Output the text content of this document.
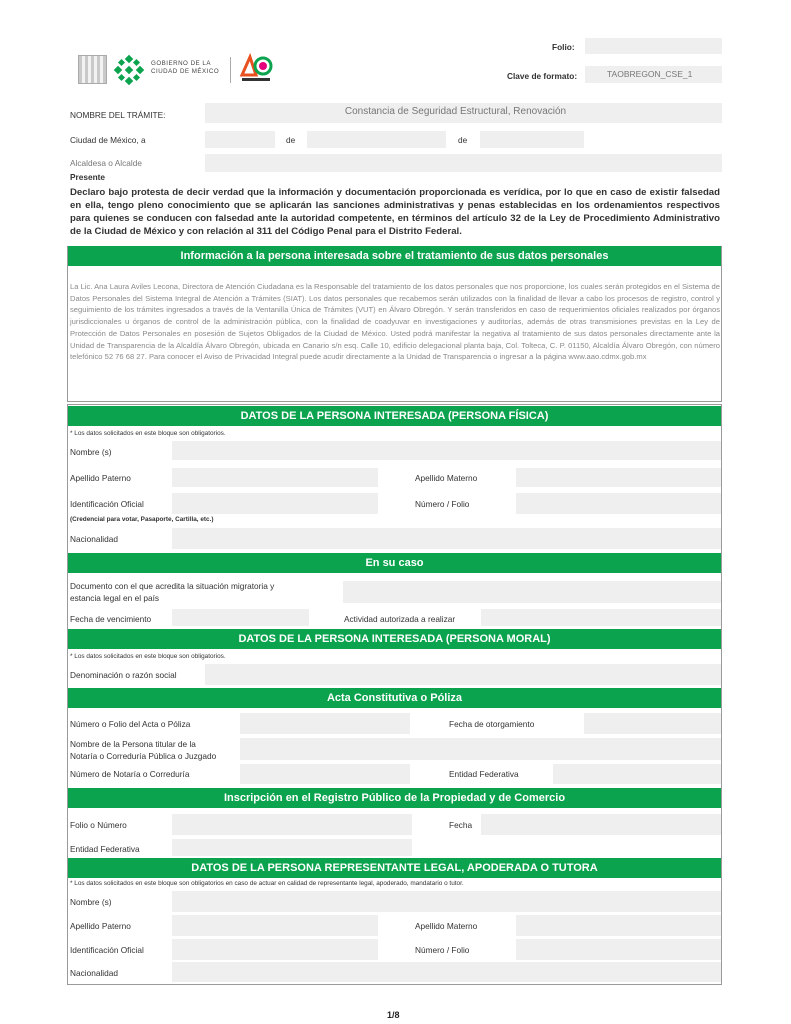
GOBIERNO DE LA
CIUDAD DE MÉXICO
Folio:
Clave de formato:	TAOBREGON_CSE_1
NOMBRE DEL TRÁMITE:	Constancia de Seguridad Estructural, Renovación
Ciudad de México, a	de	de
Alcaldesa o Alcalde
Presente
Declaro bajo protesta de decir verdad que la información y documentación proporcionada es verídica, por lo que en caso de existir falsedad en ella, tengo pleno conocimiento que se aplicarán las sanciones administrativas y penas establecidas en los ordenamientos respectivos para quienes se conducen con falsedad ante la autoridad competente, en términos del artículo 32 de la Ley de Procedimiento Administrativo de la Ciudad de México y con relación al 311 del Código Penal para el Distrito Federal.
Información a la persona interesada sobre el tratamiento de sus datos personales
La Lic. Ana Laura Aviles Lecona, Directora de Atención Ciudadana es la Responsable del tratamiento de los datos personales que nos proporcione, los cuales serán protegidos en el Sistema de Datos Personales del Sistema Integral de Atención a Trámites (SIAT). Los datos personales que recabemos serán utilizados con la finalidad de llevar a cabo los procesos de registro, control y seguimiento de los trámites ingresados a través de la Ventanilla Única de Trámites (VUT) en Álvaro Obregón. Y serán transferidos en caso de requerimientos oficiales realizados por órganos jurisdiccionales u órganos de control de la administración pública, con la finalidad de coadyuvar en investigaciones y auditorías, además de otras transmisiones previstas en la Ley de Protección de Datos Personales en posesión de Sujetos Obligados de la Ciudad de México. Usted podrá manifestar la negativa al tratamiento de sus datos personales directamente ante la Unidad de Transparencia de la Alcaldía Álvaro Obregón, ubicada en Canario s/n esq. Calle 10, edificio delegacional planta baja, Col. Tolteca, C. P. 01150, Alcaldía Álvaro Obregón, con número telefónico 52 76 68 27. Para conocer el Aviso de Privacidad Integral puede acudir directamente a la Unidad de Transparencia o ingresar a la página www.aao.cdmx.gob.mx
DATOS DE LA PERSONA INTERESADA (PERSONA FÍSICA)
* Los datos solicitados en este bloque son obligatorios.
Nombre (s)
Apellido Paterno	Apellido Materno
Identificación Oficial	Número / Folio
(Credencial para votar, Pasaporte, Cartilla, etc.)
Nacionalidad
En su caso
Documento con el que acredita la situación migratoria y
estancia legal en el país
Fecha de vencimiento	Actividad autorizada a realizar
DATOS DE LA PERSONA INTERESADA (PERSONA MORAL)
* Los datos solicitados en este bloque son obligatorios.
Denominación o razón social
Acta Constitutiva o Póliza
Número o Folio del Acta o Póliza	Fecha de otorgamiento
Nombre de la Persona titular de la
Notaría o Correduría Pública o Juzgado
Número de Notaría o Correduría	Entidad Federativa
Inscripción en el Registro Público de la Propiedad y de Comercio
Folio o Número	Fecha
Entidad Federativa
DATOS DE LA PERSONA REPRESENTANTE LEGAL, APODERADA O TUTORA
* Los datos solicitados en este bloque son obligatorios en caso de actuar en calidad de representante legal, apoderado, mandatario o tutor.
Nombre (s)
Apellido Paterno	Apellido Materno
Identificación Oficial	Número / Folio
Nacionalidad
1/8
